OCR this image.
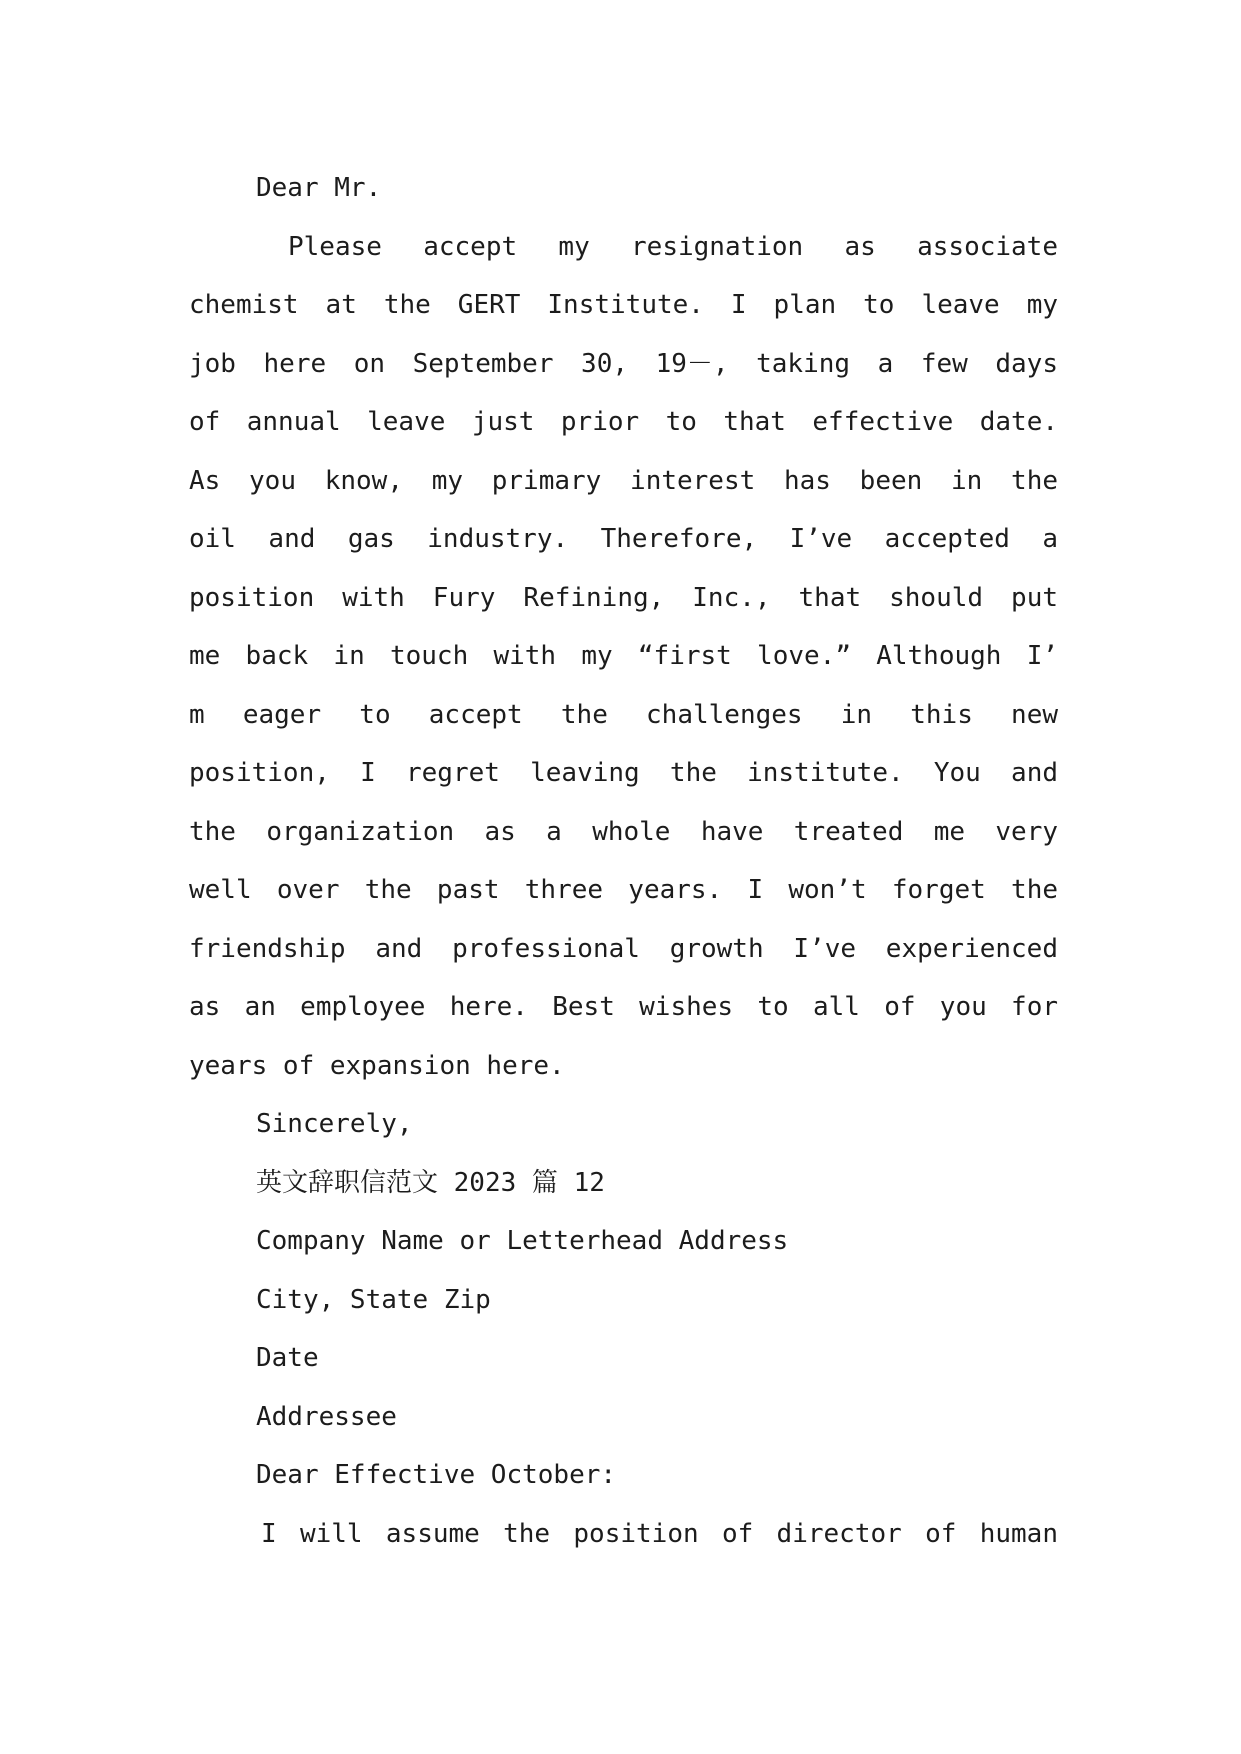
Dear Mr.
Please accept my resignation as associate
chemist at the GERT Institute. I plan to leave my
job here on September 30, 19－, taking a few days
of annual leave just prior to that effective date.
As you know, my primary interest has been in the
oil and gas industry. Therefore, I’ve accepted a
position with Fury Refining, Inc., that should put
me back in touch with my “first love.” Although I’
m eager to accept the challenges in this new
position, I regret leaving the institute. You and
the organization as a whole have treated me very
well over the past three years. I won’t forget the
friendship and professional growth I’ve experienced
as an employee here. Best wishes to all of you for
years of expansion here.
Sincerely,
英文辞职信范文 2023 篇 12
Company Name or Letterhead Address
City, State Zip
Date
Addressee
Dear Effective October:
I will assume the position of director of human
